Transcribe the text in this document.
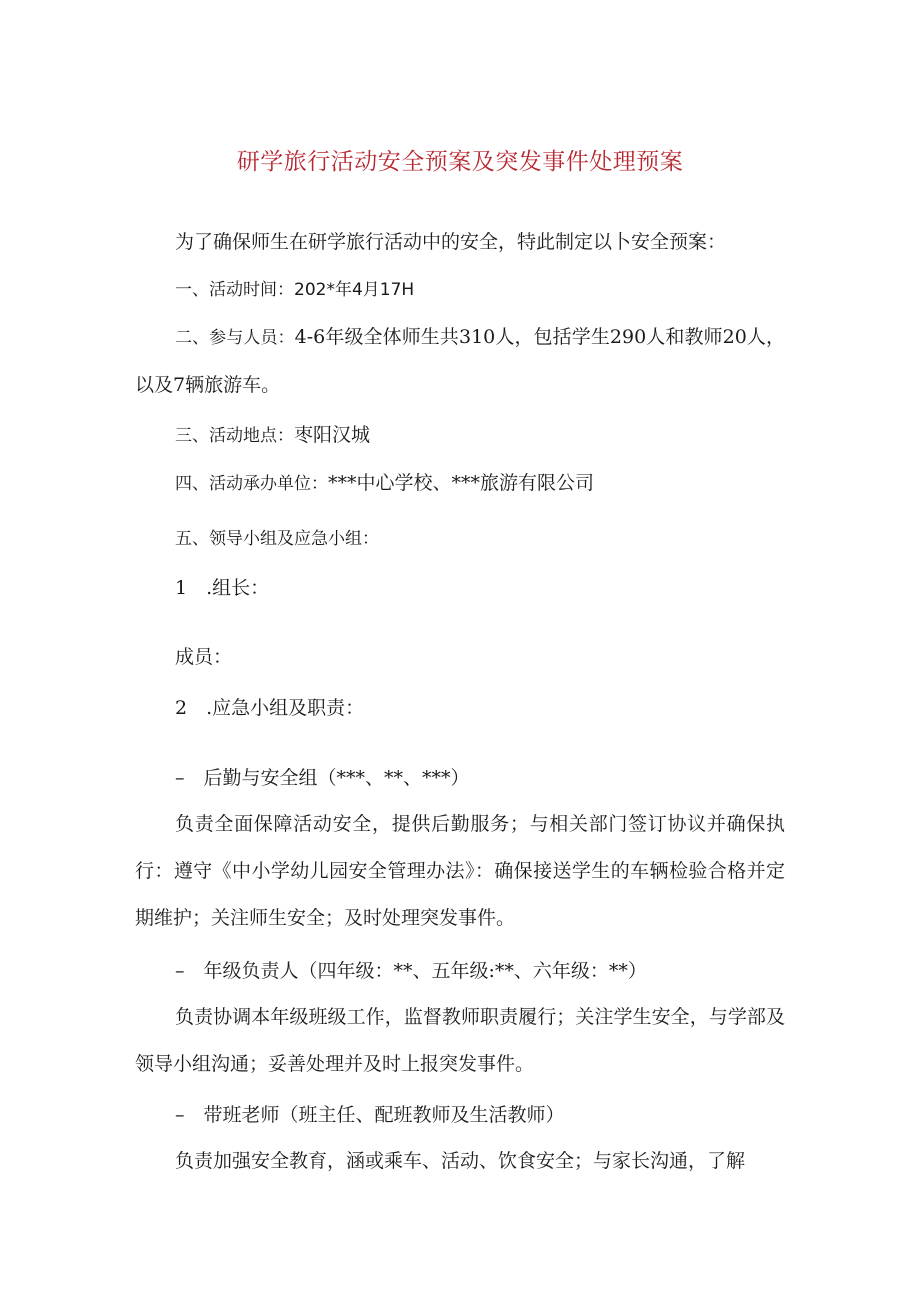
研学旅行活动安全预案及突发事件处理预案
为了确保师生在研学旅行活动中的安全，特此制定以卜安全预案：
一、活动时间：202*年4月17H
二、参与人员：4-6年级全体师生共310人，包括学生290人和教师20人，以及7辆旅游车。
三、活动地点：枣阳汉城
四、活动承办单位：***中心学校、***旅游有限公司
五、领导小组及应急小组：
1 .组长：
成员：
2 .应急小组及职责：
– 后勤与安全组（***、**、***）
负责全面保障活动安全，提供后勤服务；与相关部门签订协议并确保执行：遵守《中小学幼儿园安全管理办法》：确保接送学生的车辆检验合格并定期维护；关注师生安全；及时处理突发事件。
– 年级负责人（四年级：**、五年级:**、六年级：**）
负责协调本年级班级工作，监督教师职责履行；关注学生安全，与学部及领导小组沟通；妥善处理并及时上报突发事件。
– 带班老师（班主任、配班教师及生活教师）
负责加强安全教育，涵或乘车、活动、饮食安全；与家长沟通，了解
